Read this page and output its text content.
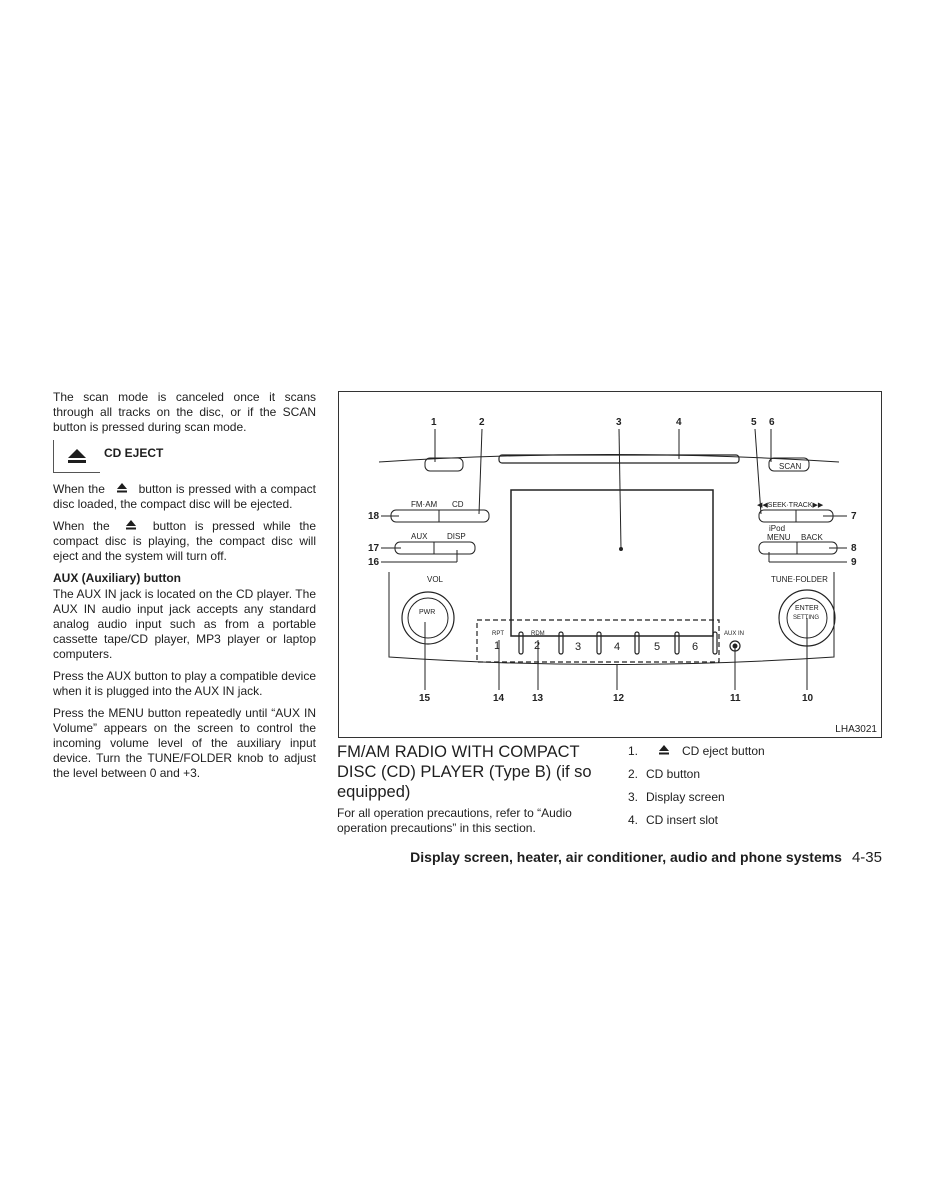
The scan mode is canceled once it scans through all tracks on the disc, or if the SCAN button is pressed during scan mode.

CD EJECT

When the	button is pressed with a compact disc loaded, the compact disc will be ejected.

When the	button is pressed while the compact disc is playing, the compact disc will eject and the system will turn off.

AUX (Auxiliary) button

The AUX IN jack is located on the CD player. The AUX IN audio input jack accepts any standard analog audio input such as from a portable cassette tape/CD player, MP3 player or laptop computers.

Press the AUX button to play a compatible device when it is plugged into the AUX IN jack.

Press the MENU button repeatedly until “AUX IN Volume” appears on the screen to control the incoming volume level of the auxiliary input device. Turn the TUNE/FOLDER knob to adjust the level between 0 and +3.

SCAN
FM·AM CD
AUX DISP
◀◀SEEK·TRACK▶▶
iPod
MENU BACK
VOL
PWR
TUNE·FOLDER
ENTER
SETTING
RPT	RDM	AUX IN
1	2	3	4	5	6
1	2	3	4	5 6
7
8
9
18
17
16
15	14	13	12	11	10
LHA3021
FM/AM RADIO WITH COMPACT DISC (CD) PLAYER (Type B) (if so equipped)
For all operation precautions, refer to “Audio operation precautions” in this section.
1.	CD eject button
2. CD button
3. Display screen
4. CD insert slot
Display screen, heater, air conditioner, audio and phone systems 4-35
